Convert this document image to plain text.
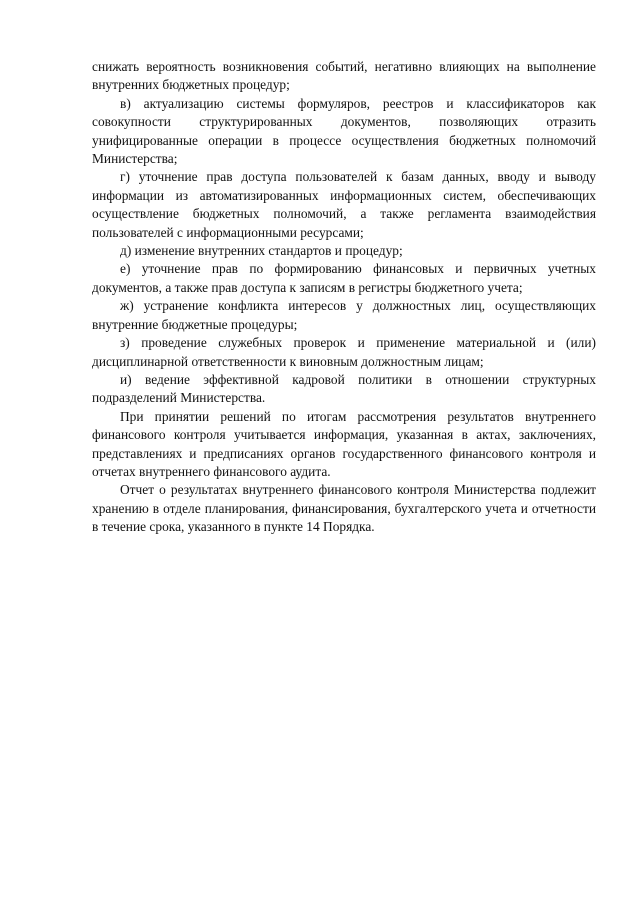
снижать вероятность возникновения событий, негативно влияющих на выполнение внутренних бюджетных процедур;

в) актуализацию системы формуляров, реестров и классификаторов как совокупности структурированных документов, позволяющих отразить унифицированные операции в процессе осуществления бюджетных полномочий Министерства;

г) уточнение прав доступа пользователей к базам данных, вводу и выводу информации из автоматизированных информационных систем, обеспечивающих осуществление бюджетных полномочий, а также регламента взаимодействия пользователей с информационными ресурсами;

д) изменение внутренних стандартов и процедур;

е) уточнение прав по формированию финансовых и первичных учетных документов, а также прав доступа к записям в регистры бюджетного учета;

ж) устранение конфликта интересов у должностных лиц, осуществляющих внутренние бюджетные процедуры;

з) проведение служебных проверок и применение материальной и (или) дисциплинарной ответственности к виновным должностным лицам;

и) ведение эффективной кадровой политики в отношении структурных подразделений Министерства.

При принятии решений по итогам рассмотрения результатов внутреннего финансового контроля учитывается информация, указанная в актах, заключениях, представлениях и предписаниях органов государственного финансового контроля и отчетах внутреннего финансового аудита.

Отчет о результатах внутреннего финансового контроля Министерства подлежит хранению в отделе планирования, финансирования, бухгалтерского учета и отчетности в течение срока, указанного в пункте 14 Порядка.
